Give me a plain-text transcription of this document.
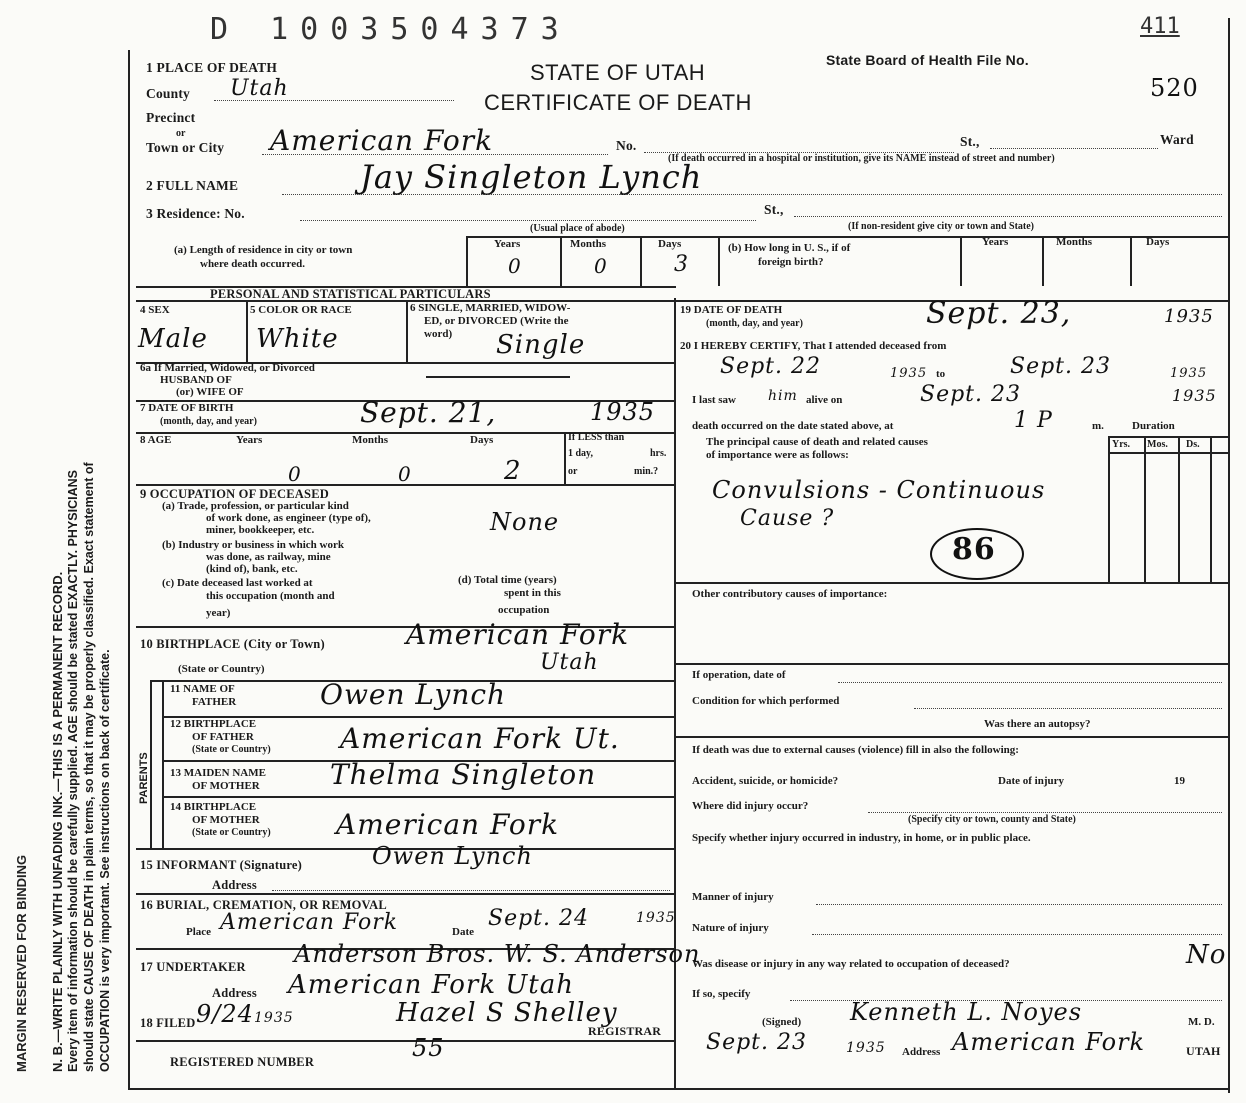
MARGIN RESERVED FOR BINDING N. B.—WRITE PLAINLY WITH UNFADING INK.—THIS IS A PERMANENT RECORD. Every item of information should be carefully supplied. AGE should be stated EXACTLY. PHYSICIANS should state CAUSE OF DEATH in plain terms, so that it may be properly classified. Exact statement of OCCUPATION is very important. See instructions on back of certificate.
D 1003504373	411
STATE OF UTAH
CERTIFICATE OF DEATH
State Board of Health File No.
520
1 PLACE OF DEATH
County Utah
Precinct
or
Town or City American Fork	No.	St.,	Ward
(If death occurred in a hospital or institution, give its NAME instead of street and number)
2 FULL NAME	Jay Singleton Lynch
3 Residence: No.	St.,
(Usual place of abode)	(If non-resident give city or town and State)
(a) Length of residence in city or town
where death occurred.
Years	Months	Days
0	0	3
(b) How long in U. S., if of
foreign birth?
Years	Months	Days
PERSONAL AND STATISTICAL PARTICULARS
4 SEX
Male
5 COLOR OR RACE
White
6 SINGLE, MARRIED, WIDOW-
ED, or DIVORCED (Write the
word) Single
6a If Married, Widowed, or Divorced
HUSBAND OF
(or) WIFE OF
7 DATE OF BIRTH
(month, day, and year)	Sept. 21,	1935
8 AGE	Years	Months	Days
0	0	2
If LESS than
1 day,	hrs.
or	min.?
9 OCCUPATION OF DECEASED
(a) Trade, profession, or particular kind
of work done, as engineer (type of),
miner, bookkeeper, etc.	None
(b) Industry or business in which work
was done, as railway, mine
(kind of), bank, etc.
(c) Date deceased last worked at
this occupation (month and
year)
(d) Total time (years)
spent in this
occupation
10 BIRTHPLACE (City or Town)	American Fork
(State or Country)	Utah
PARENTS
11 NAME OF
FATHER	Owen Lynch
12 BIRTHPLACE
OF FATHER
(State or Country) American Fork Ut.
13 MAIDEN NAME
OF MOTHER	Thelma Singleton
14 BIRTHPLACE
OF MOTHER
(State or Country) American Fork
15 INFORMANT (Signature)	Owen Lynch
Address
16 BURIAL, CREMATION, OR REMOVAL
Place American Fork	Date
Sept. 24	1935
17 UNDERTAKER Anderson Bros. W. S. Anderson
Address American Fork Utah
18 FILED 9/24 1935	Hazel S Shelley
REGISTRAR
REGISTERED NUMBER	55
19 DATE OF DEATH
(month, day, and year)	Sept. 23,	1935
20 I HEREBY CERTIFY, That I attended deceased from
Sept. 22	1935 to	Sept. 23	1935
I last saw him alive on	Sept. 23	1935
death occurred on the date stated above, at	1 P	m.	Duration
The principal cause of death and related causes
of importance were as follows:
Yrs. Mos. Ds.
Convulsions - Continuous
Cause ?
86
Other contributory causes of importance:
If operation, date of
Condition for which performed
Was there an autopsy?
If death was due to external causes (violence) fill in also the following:
Accident, suicide, or homicide?	Date of injury	19
Where did injury occur?
(Specify city or town, county and State)
Specify whether injury occurred in industry, in home, or in public place.
Manner of injury
Nature of injury
Was disease or injury in any way related to occupation of deceased?	No
If so, specify
(Signed) Kenneth L. Noyes	M. D.
Sept. 23	1935 Address American Fork	UTAH
